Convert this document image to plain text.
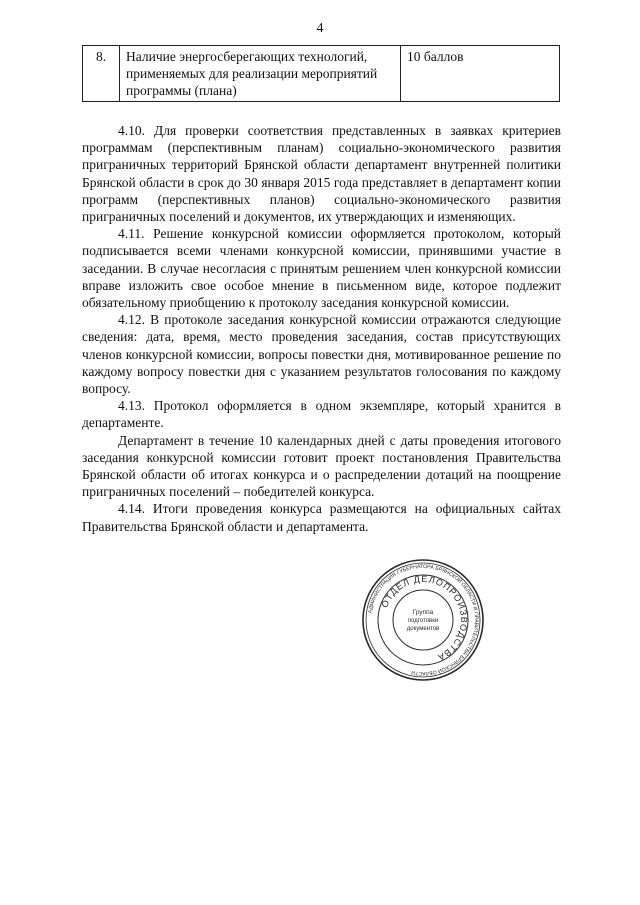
4
8.	Наличие энергосберегающих технологий, применяемых для реализации мероприятий программы (плана)	10 баллов

4.10. Для проверки соответствия представленных в заявках критериев программам (перспективным планам) социально-экономического развития приграничных территорий Брянской области департамент внутренней политики Брянской области в срок до 30 января 2015 года представляет в департамент копии программ (перспективных планов) социально-экономического развития приграничных поселений и документов, их утверждающих и изменяющих.

4.11. Решение конкурсной комиссии оформляется протоколом, который подписывается всеми членами конкурсной комиссии, принявшими участие в заседании. В случае несогласия с принятым решением член конкурсной комиссии вправе изложить свое особое мнение в письменном виде, которое подлежит обязательному приобщению к протоколу заседания конкурсной комиссии.

4.12. В протоколе заседания конкурсной комиссии отражаются следующие сведения: дата, время, место проведения заседания, состав присутствующих членов конкурсной комиссии, вопросы повестки дня, мотивированное решение по каждому вопросу повестки дня с указанием результатов голосования по каждому вопросу.

4.13. Протокол оформляется в одном экземпляре, который хранится в департаменте.

Департамент в течение 10 календарных дней с даты проведения итогового заседания конкурсной комиссии готовит проект постановления Правительства Брянской области об итогах конкурса и о распределении дотаций на поощрение приграничных поселений – победителей конкурса.

4.14. Итоги проведения конкурса размещаются на официальных сайтах Правительства Брянской области и департамента.

АДМИНИСТРАЦИЯ ГУБЕРНАТОРА БРЯНСКОЙ ОБЛАСТИ И ПРАВИТЕЛЬСТВА БРЯНСКОЙ ОБЛАСТИ
ОТДЕЛ ДЕЛОПРОИЗВОДСТВА
Группа
подготовки
документов
